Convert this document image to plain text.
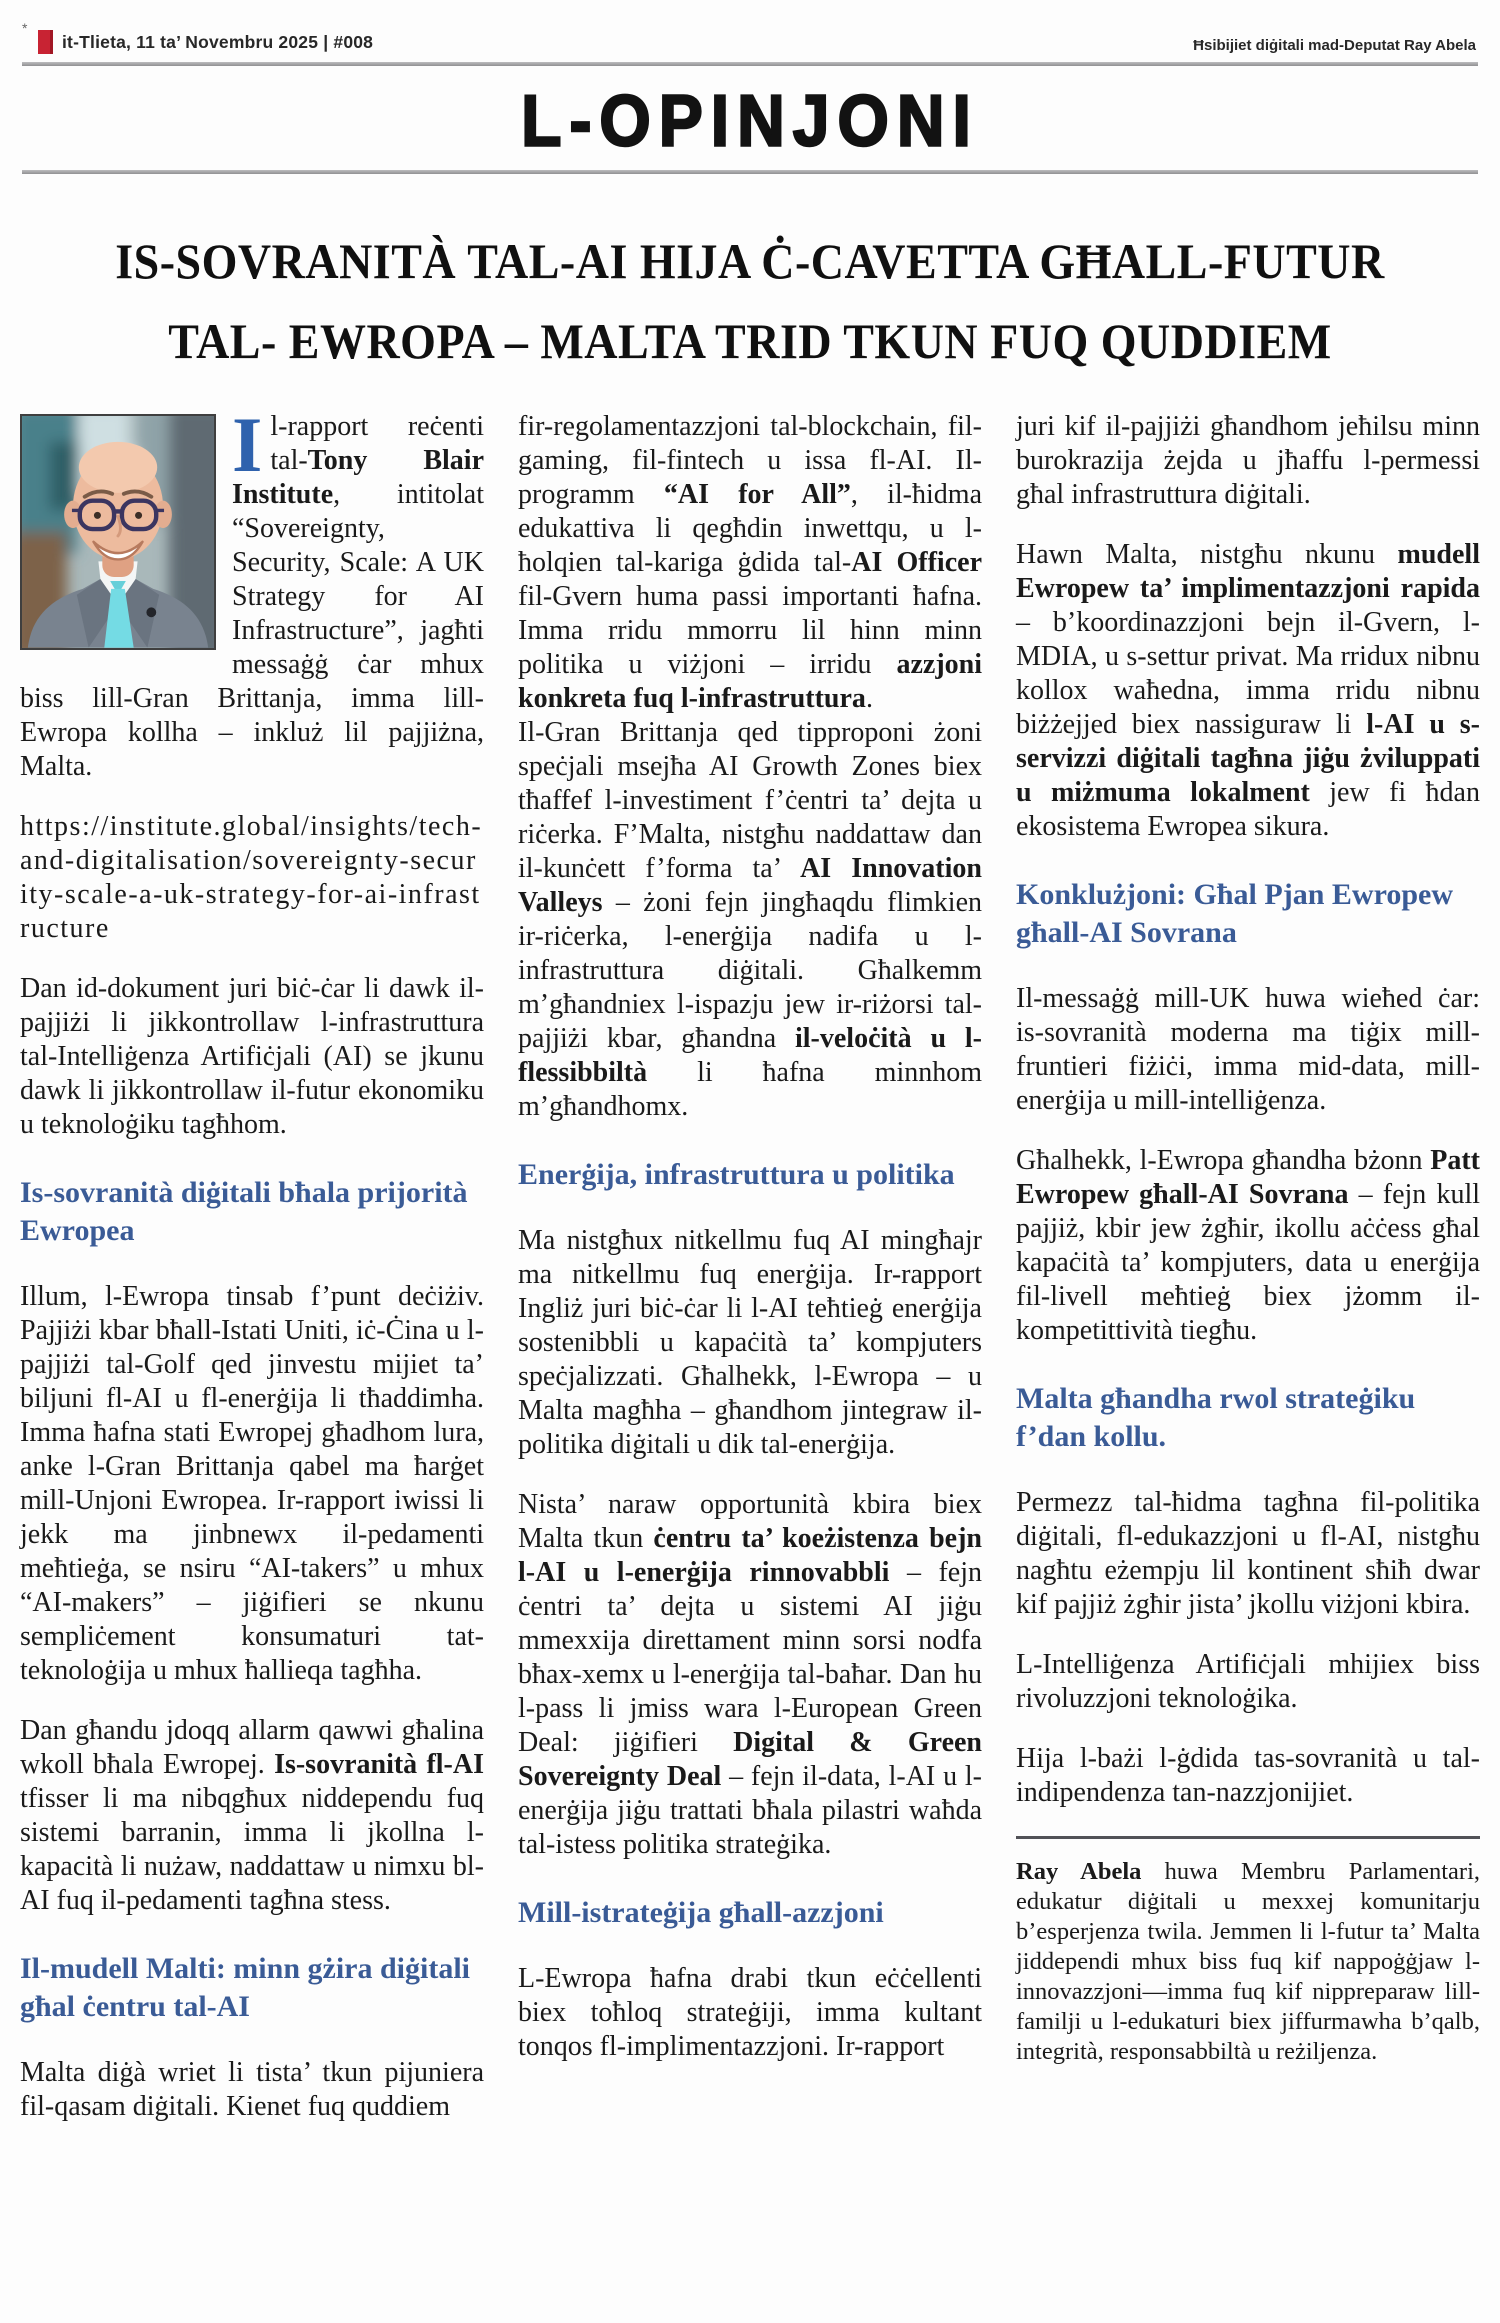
*
it-Tlieta, 11 ta’ Novembru 2025 | #008	Ħsibijiet diġitali mad-Deputat Ray Abela
L-OPINJONI
IS-SOVRANITÀ TAL-AI HIJA Ċ-CAVETTA GĦALL-FUTUR
TAL- EWROPA – MALTA TRID TKUN FUQ QUDDIEM

Il-rapport reċenti tal-Tony Blair Institute, intitolat “Sovereignty, Security, Scale: A UK Strategy for AI Infrastructure”, jagħti messaġġ ċar mhux biss lill-Gran Brittanja, imma lill-Ewropa kollha – inkluż lil pajjiżna, Malta.

https://institute.global/insights/tech-and-digitalisation/sovereignty-security-scale-a-uk-strategy-for-ai-infrastructure

Dan id-dokument juri biċ-ċar li dawk il-pajjiżi li jikkontrollaw l-infrastruttura tal-Intelliġenza Artifiċjali (AI) se jkunu dawk li jikkontrollaw il-futur ekonomiku u teknoloġiku tagħhom.

Is-sovranità diġitali bħala prijorità Ewropea

Illum, l-Ewropa tinsab f’punt deċiżiv. Pajjiżi kbar bħall-Istati Uniti, iċ-Ċina u l-pajjiżi tal-Golf qed jinvestu mijiet ta’ biljuni fl-AI u fl-enerġija li tħaddimha. Imma ħafna stati Ewropej għadhom lura, anke l-Gran Brittanja qabel ma ħarġet mill-Unjoni Ewropea. Ir-rapport iwissi li jekk ma jinbnewx il-pedamenti meħtieġa, se nsiru “AI-takers” u mhux “AI-makers” – jiġifieri se nkunu sempliċement konsumaturi tat-teknoloġija u mhux ħallieqa tagħha.

Dan għandu jdoqq allarm qawwi għalina wkoll bħala Ewropej. Is-sovranità fl-AI tfisser li ma nibqgħux niddependu fuq sistemi barranin, imma li jkollna l-kapacità li nużaw, naddattaw u nimxu bl-AI fuq il-pedamenti tagħna stess.

Il-mudell Malti: minn gżira diġitali għal ċentru tal-AI

Malta diġà wriet li tista’ tkun pijuniera fil-qasam diġitali. Kienet fuq quddiem

fir-regolamentazzjoni tal-blockchain, fil-gaming, fil-fintech u issa fl-AI. Il-programm “AI for All”, il-ħidma edukattiva li qegħdin inwettqu, u l-ħolqien tal-kariga ġdida tal-AI Officer fil-Gvern huma passi importanti ħafna. Imma rridu mmorru lil hinn minn politika u viżjoni – irridu azzjoni konkreta fuq l-infrastruttura.

Il-Gran Brittanja qed tipproponi żoni speċjali msejħa AI Growth Zones biex tħaffef l-investiment f’ċentri ta’ dejta u riċerka. F’Malta, nistgħu naddattaw dan il-kunċett f’forma ta’ AI Innovation Valleys – żoni fejn jingħaqdu flimkien ir-riċerka, l-enerġija nadifa u l-infrastruttura diġitali. Għalkemm m’għandniex l-ispazju jew ir-riżorsi tal-pajjiżi kbar, għandna il-veloċità u l-flessibbiltà li ħafna minnhom m’għandhomx.

Enerġija, infrastruttura u politika

Ma nistgħux nitkellmu fuq AI mingħajr ma nitkellmu fuq enerġija. Ir-rapport Ingliż juri biċ-ċar li l-AI teħtieġ enerġija sostenibbli u kapaċità ta’ kompjuters speċjalizzati. Għalhekk, l-Ewropa – u Malta magħha – għandhom jintegraw il-politika diġitali u dik tal-enerġija.

Nista’ naraw opportunità kbira biex Malta tkun ċentru ta’ koeżistenza bejn l-AI u l-enerġija rinnovabbli – fejn ċentri ta’ dejta u sistemi AI jiġu mmexxija direttament minn sorsi nodfa bħax-xemx u l-enerġija tal-baħar. Dan hu l-pass li jmiss wara l-European Green Deal: jiġifieri Digital & Green Sovereignty Deal – fejn il-data, l-AI u l-enerġija jiġu trattati bħala pilastri waħda tal-istess politika strateġika.

Mill-istrateġija għall-azzjoni

L-Ewropa ħafna drabi tkun eċċellenti biex toħloq strateġiji, imma kultant tonqos fl-implimentazzjoni. Ir-rapport

juri kif il-pajjiżi għandhom jeħilsu minn burokrazija żejda u jħaffu l-permessi għal infrastruttura diġitali.

Hawn Malta, nistgħu nkunu mudell Ewropew ta’ implimentazzjoni rapida – b’koordinazzjoni bejn il-Gvern, l-MDIA, u s-settur privat. Ma rridux nibnu kollox waħedna, imma rridu nibnu biżżejjed biex nassiguraw li l-AI u s-servizzi diġitali tagħna jiġu żviluppati u miżmuma lokalment jew fi ħdan ekosistema Ewropea sikura.

Konklużjoni: Għal Pjan Ewropew għall-AI Sovrana

Il-messaġġ mill-UK huwa wieħed ċar: is-sovranità moderna ma tiġix mill-fruntieri fiżiċi, imma mid-data, mill-enerġija u mill-intelliġenza.

Għalhekk, l-Ewropa għandha bżonn Patt Ewropew għall-AI Sovrana – fejn kull pajjiż, kbir jew żgħir, ikollu aċċess għal kapaċità ta’ kompjuters, data u enerġija fil-livell meħtieġ biex jżomm il-kompetittività tiegħu.

Malta għandha rwol strateġiku f’dan kollu.

Permezz tal-ħidma tagħna fil-politika diġitali, fl-edukazzjoni u fl-AI, nistgħu nagħtu eżempju lil kontinent sħiħ dwar kif pajjiż żgħir jista’ jkollu viżjoni kbira.

L-Intelliġenza Artifiċjali mhijiex biss rivoluzzjoni teknoloġika.

Hija l-bażi l-ġdida tas-sovranità u tal-indipendenza tan-nazzjonijiet.

Ray Abela huwa Membru Parlamentari, edukatur diġitali u mexxej komunitarju b’esperjenza twila. Jemmen li l-futur ta’ Malta jiddependi mhux biss fuq kif nappoġġjaw l-innovazzjoni—imma fuq kif nippreparaw lill-familji u l-edukaturi biex jiffurmawha b’qalb, integrità, responsabbiltà u reżiljenza.
